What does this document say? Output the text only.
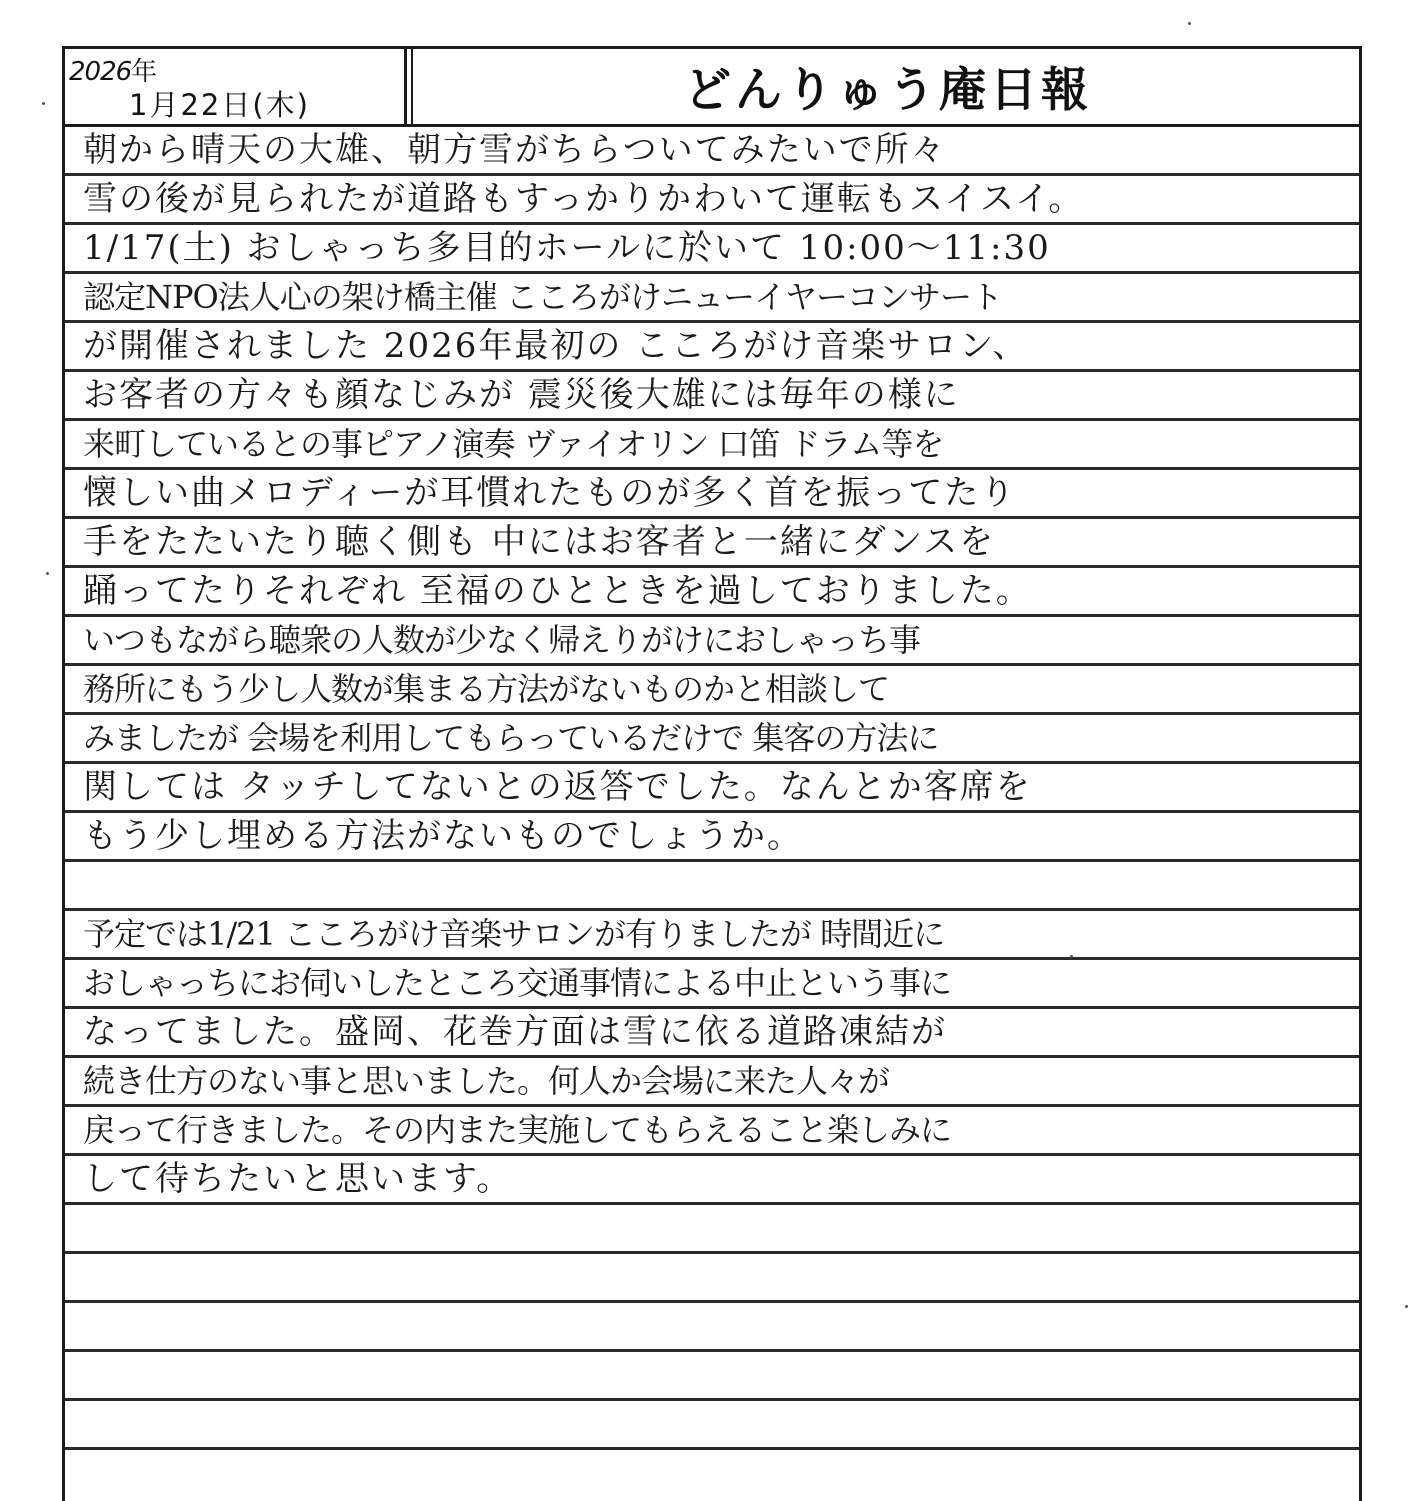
2026年
1月22日(木)	どんりゅう庵日報
朝から晴天の大雄、朝方雪がちらついてみたいで所々
雪の後が見られたが道路もすっかりかわいて運転もスイスイ。
1/17(土) おしゃっち多目的ホールに於いて 10:00〜11:30
認定NPO法人心の架け橋主催 こころがけニューイヤーコンサート
が開催されました 2026年最初の こころがけ音楽サロン、
お客者の方々も顔なじみが 震災後大雄には毎年の様に
来町しているとの事ピアノ演奏 ヴァイオリン 口笛 ドラム等を
懐しい曲メロディーが耳慣れたものが多く首を振ってたり
手をたたいたり聴く側も 中にはお客者と一緒にダンスを
踊ってたりそれぞれ 至福のひとときを過しておりました。
いつもながら聴衆の人数が少なく帰えりがけにおしゃっち事
務所にもう少し人数が集まる方法がないものかと相談して
みましたが 会場を利用してもらっているだけで 集客の方法に
関しては タッチしてないとの返答でした。なんとか客席を
もう少し埋める方法がないものでしょうか。
予定では1/21 こころがけ音楽サロンが有りましたが 時間近に
おしゃっちにお伺いしたところ交通事情による中止という事に
なってました。盛岡、花巻方面は雪に依る道路凍結が
続き仕方のない事と思いました。何人か会場に来た人々が
戻って行きました。その内また実施してもらえること楽しみに
して待ちたいと思います。
